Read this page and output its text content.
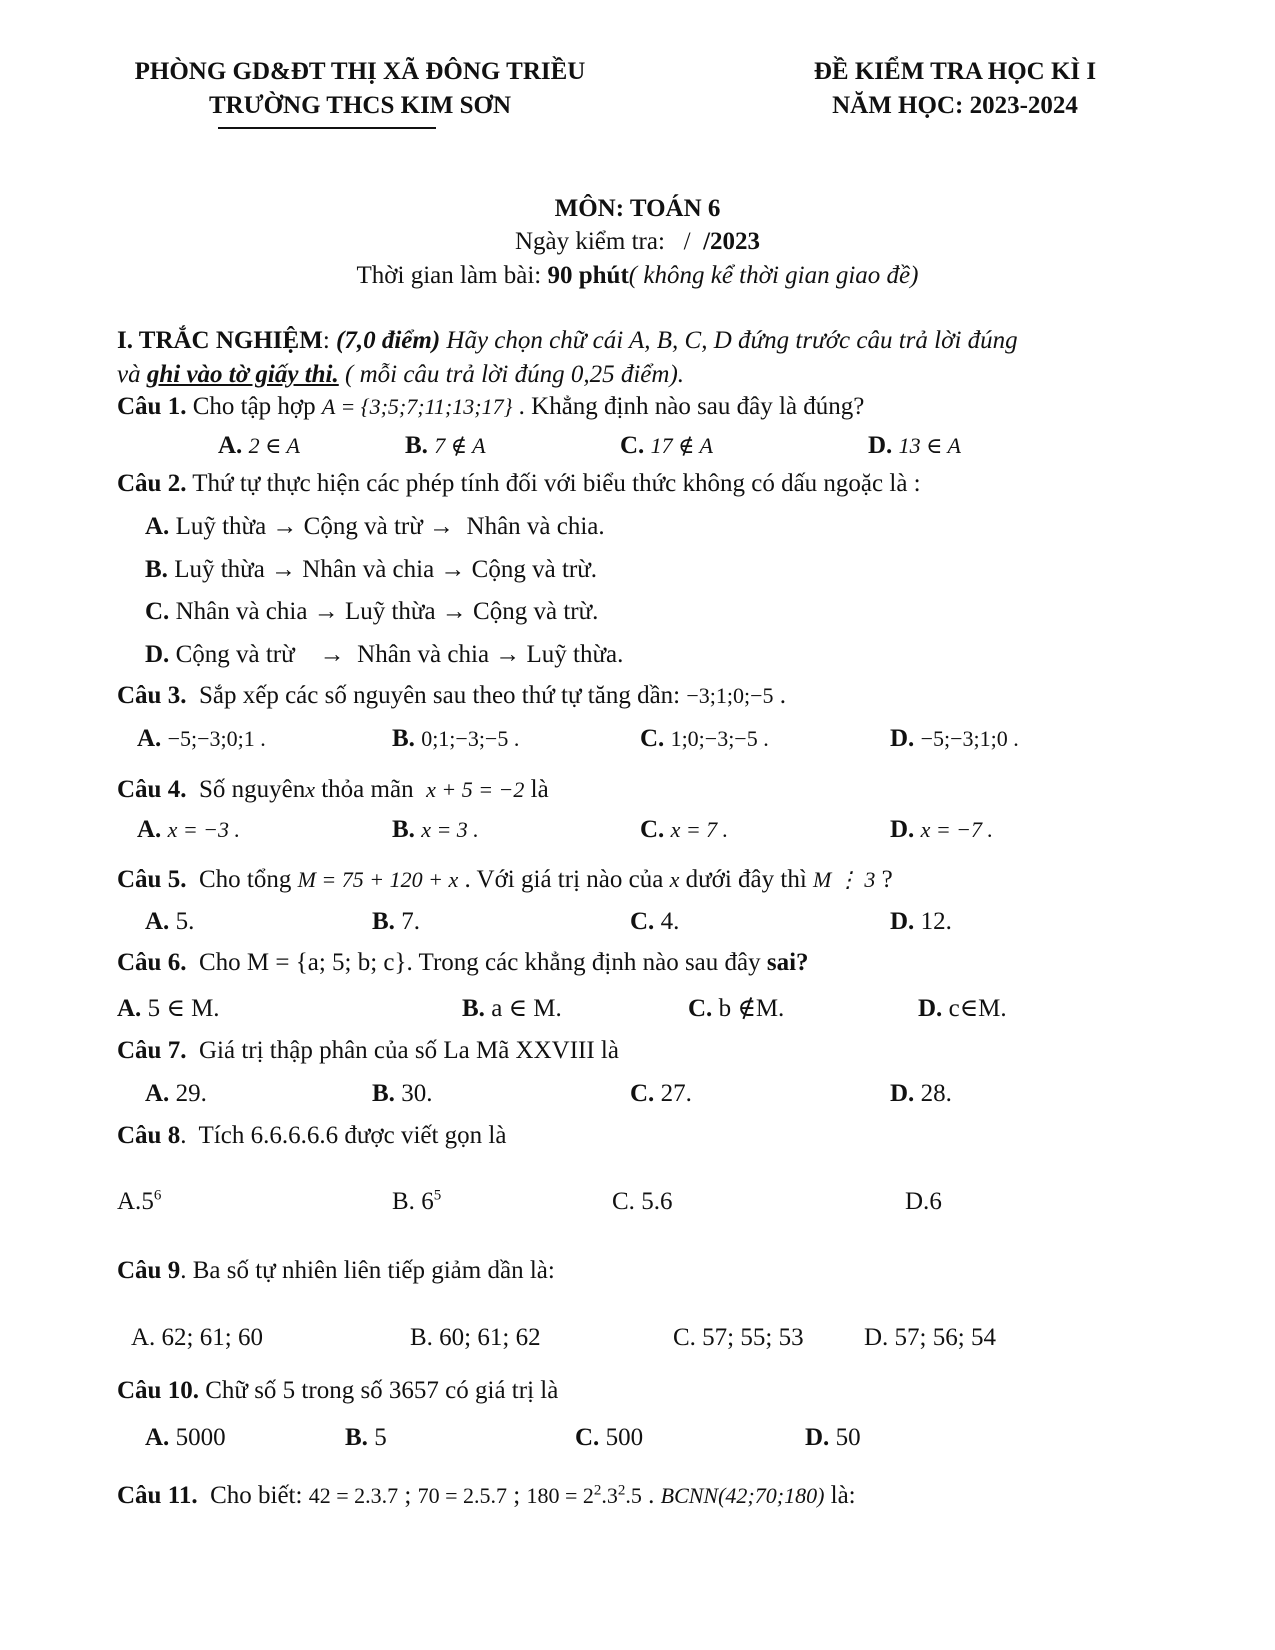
PHÒNG GD&ĐT THỊ XÃ ĐÔNG TRIỀU
TRƯỜNG THCS KIM SƠN
ĐỀ KIỂM TRA HỌC KÌ I
NĂM HỌC: 2023-2024
MÔN: TOÁN 6
Ngày kiểm tra:   /  /2023
Thời gian làm bài: 90 phút( không kể thời gian giao đề)
I. TRẮC NGHIỆM: (7,0 điểm) Hãy chọn chữ cái A, B, C, D đứng trước câu trả lời đúng
và ghi vào tờ giấy thi. ( mỗi câu trả lời đúng 0,25 điểm).
Câu 1. Cho tập hợp A = {3;5;7;11;13;17} . Khẳng định nào sau đây là đúng?
A. 2 ∈ A	B. 7 ∉ A	C. 17 ∉ A	D. 13 ∈ A
Câu 2. Thứ tự thực hiện các phép tính đối với biểu thức không có dấu ngoặc là :
A. Luỹ thừa → Cộng và trừ →  Nhân và chia.
B. Luỹ thừa → Nhân và chia → Cộng và trừ.
C. Nhân và chia → Luỹ thừa → Cộng và trừ.
D. Cộng và trừ    →  Nhân và chia → Luỹ thừa.
Câu 3.  Sắp xếp các số nguyên sau theo thứ tự tăng dần: −3;1;0;−5 .
A. −5;−3;0;1 .	B. 0;1;−3;−5 .	C. 1;0;−3;−5 .	D. −5;−3;1;0 .
Câu 4.  Số nguyênx thỏa mãn  x + 5 = −2 là
A. x = −3 .	B. x = 3 .	C. x = 7 .	D. x = −7 .
Câu 5.  Cho tổng M = 75 + 120 + x . Với giá trị nào của x dưới đây thì M ⋮ 3 ?
A. 5.	B. 7.	C. 4.	D. 12.
Câu 6.  Cho M = {a; 5; b; c}. Trong các khẳng định nào sau đây sai?
A. 5 ∈ M.	B. a ∈ M.	C. b ∉M.	D. c∈M.
Câu 7.  Giá trị thập phân của số La Mã XXVIII là
A. 29.	B. 30.	C. 27.	D. 28.
Câu 8.  Tích 6.6.6.6.6 được viết gọn là
$A.5^6$	B. $6^5$	C. 5.6	D.6
Câu 9. Ba số tự nhiên liên tiếp giảm dần là:
A. 62; 61; 60	B. 60; 61; 62	C. 57; 55; 53 D. 57; 56; 54
Câu 10. Chữ số 5 trong số 3657 có giá trị là
A. 5000	B. 5	C. 500	D. 50
Câu 11.  Cho biết: 42 = 2.3.7 ; 70 = 2.5.7 ; $180 = 2^2.3^2.5$ . BCNN(42;70;180) là:
